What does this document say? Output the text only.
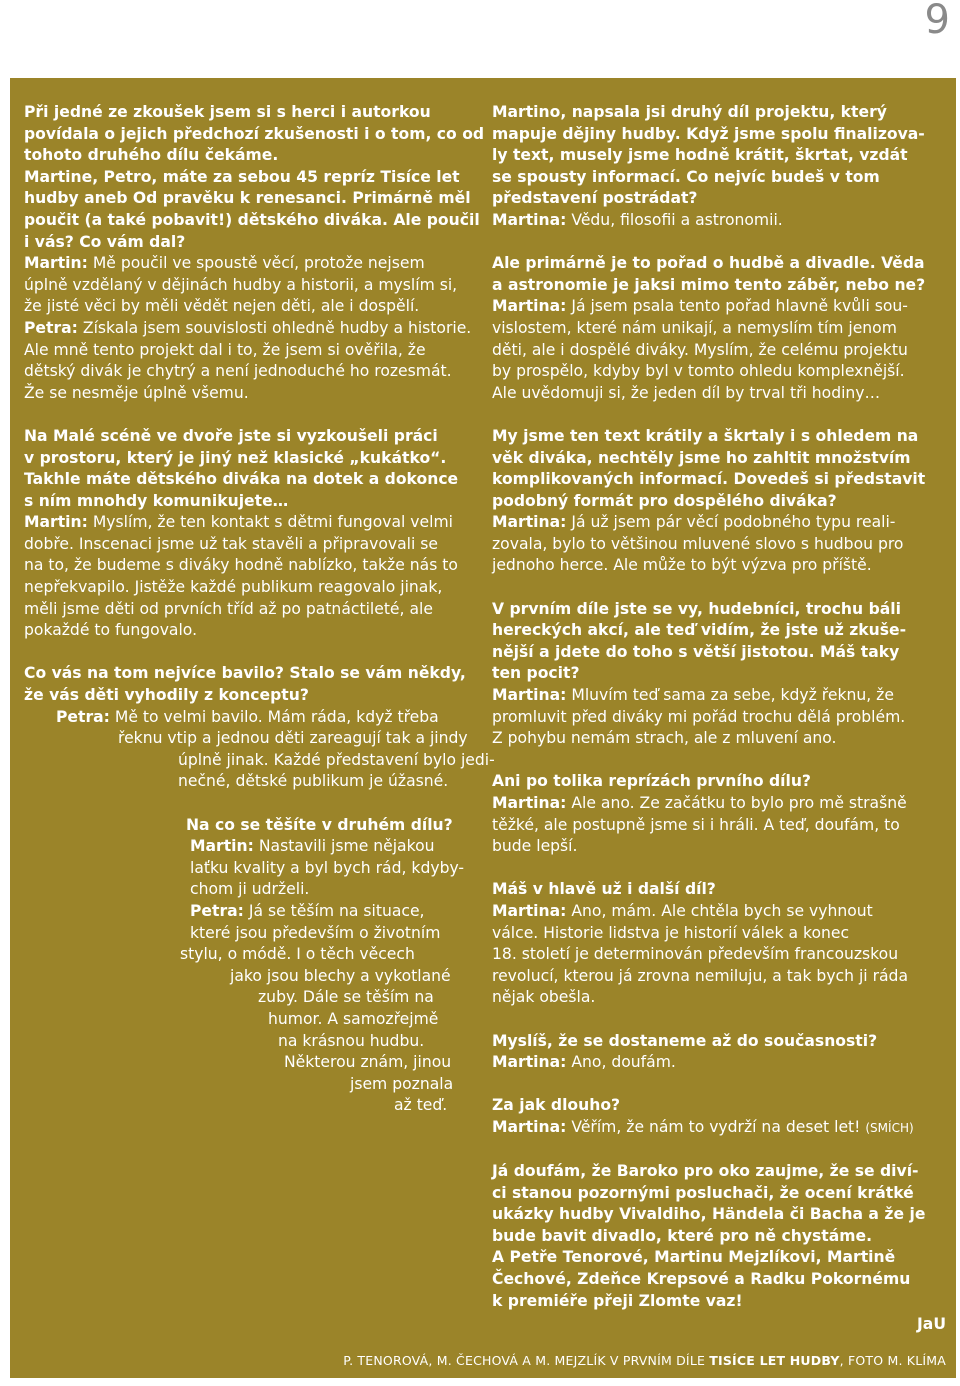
9
Při jedné ze zkoušek jsem si s herci i autorkou
povídala o jejich předchozí zkušenosti i o tom, co od
tohoto druhého dílu čekáme.
Martine, Petro, máte za sebou 45 repríz Tisíce let
hudby aneb Od pravěku k renesanci. Primárně měl
poučit (a také pobavit!) dětského diváka. Ale poučil
i vás? Co vám dal?
Martin: Mě poučil ve spoustě věcí, protože nejsem
úplně vzdělaný v dějinách hudby a historii, a myslím si,
že jisté věci by měli vědět nejen děti, ale i dospělí.
Petra: Získala jsem souvislosti ohledně hudby a historie.
Ale mně tento projekt dal i to, že jsem si ověřila, že
dětský divák je chytrý a není jednoduché ho rozesmát.
Že se nesměje úplně všemu.
Na Malé scéně ve dvoře jste si vyzkoušeli práci
v prostoru, který je jiný než klasické „kukátko“.
Takhle máte dětského diváka na dotek a dokonce
s ním mnohdy komunikujete…
Martin: Myslím, že ten kontakt s dětmi fungoval velmi
dobře. Inscenaci jsme už tak stavěli a připravovali se
na to, že budeme s diváky hodně nablízko, takže nás to
nepřekvapilo. Jistěže každé publikum reagovalo jinak,
měli jsme děti od prvních tříd až po patnáctileté, ale
pokaždé to fungovalo.
Co vás na tom nejvíce bavilo? Stalo se vám někdy,
že vás děti vyhodily z konceptu?
Petra: Mě to velmi bavilo. Mám ráda, když třeba
řeknu vtip a jednou děti zareagují tak a jindy
úplně jinak. Každé představení bylo jedi-
nečné, dětské publikum je úžasné.
Na co se těšíte v druhém dílu?
Martin: Nastavili jsme nějakou
laťku kvality a byl bych rád, kdyby-
chom ji udrželi.
Petra: Já se těším na situace,
které jsou především o životním
stylu, o módě. I o těch věcech
jako jsou blechy a vykotlané
zuby. Dále se těším na
humor. A samozřejmě
na krásnou hudbu.
Některou znám, jinou
jsem poznala
až teď.
Martino, napsala jsi druhý díl projektu, který
mapuje dějiny hudby. Když jsme spolu finalizova-
ly text, musely jsme hodně krátit, škrtat, vzdát
se spousty informací. Co nejvíc budeš v tom
představení postrádat?
Martina: Vědu, filosofii a astronomii.
Ale primárně je to pořad o hudbě a divadle. Věda
a astronomie je jaksi mimo tento záběr, nebo ne?
Martina: Já jsem psala tento pořad hlavně kvůli sou-
vislostem, které nám unikají, a nemyslím tím jenom
děti, ale i dospělé diváky. Myslím, že celému projektu
by prospělo, kdyby byl v tomto ohledu komplexnější.
Ale uvědomuji si, že jeden díl by trval tři hodiny…
My jsme ten text krátily a škrtaly i s ohledem na
věk diváka, nechtěly jsme ho zahltit množstvím
komplikovaných informací. Dovedeš si představit
podobný formát pro dospělého diváka?
Martina: Já už jsem pár věcí podobného typu reali-
zovala, bylo to většinou mluvené slovo s hudbou pro
jednoho herce. Ale může to být výzva pro příště.
V prvním díle jste se vy, hudebníci, trochu báli
hereckých akcí, ale teď vidím, že jste už zkuše-
nější a jdete do toho s větší jistotou. Máš taky
ten pocit?
Martina: Mluvím teď sama za sebe, když řeknu, že
promluvit před diváky mi pořád trochu dělá problém.
Z pohybu nemám strach, ale z mluvení ano.
Ani po tolika reprízách prvního dílu?
Martina: Ale ano. Ze začátku to bylo pro mě strašně
těžké, ale postupně jsme si i hráli. A teď, doufám, to
bude lepší.
Máš v hlavě už i další díl?
Martina: Ano, mám. Ale chtěla bych se vyhnout
válce. Historie lidstva je historií válek a konec
18. století je determinován především francouzskou
revolucí, kterou já zrovna nemiluju, a tak bych ji ráda
nějak obešla.
Myslíš, že se dostaneme až do současnosti?
Martina: Ano, doufám.
Za jak dlouho?
Martina: Věřím, že nám to vydrží na deset let! (SMÍCH)
Já doufám, že Baroko pro oko zaujme, že se diví-
ci stanou pozornými posluchači, že ocení krátké
ukázky hudby Vivaldiho, Händela či Bacha a že je
bude bavit divadlo, které pro ně chystáme.
A Petře Tenorové, Martinu Mejzlíkovi, Martině
Čechové, Zdeňce Krepsové a Radku Pokornému
k premiéře přeji Zlomte vaz!
JaU
P. TENOROVÁ, M. ČECHOVÁ A M. MEJZLÍK V PRVNÍM DÍLE TISÍCE LET HUDBY, FOTO M. KLÍMA
